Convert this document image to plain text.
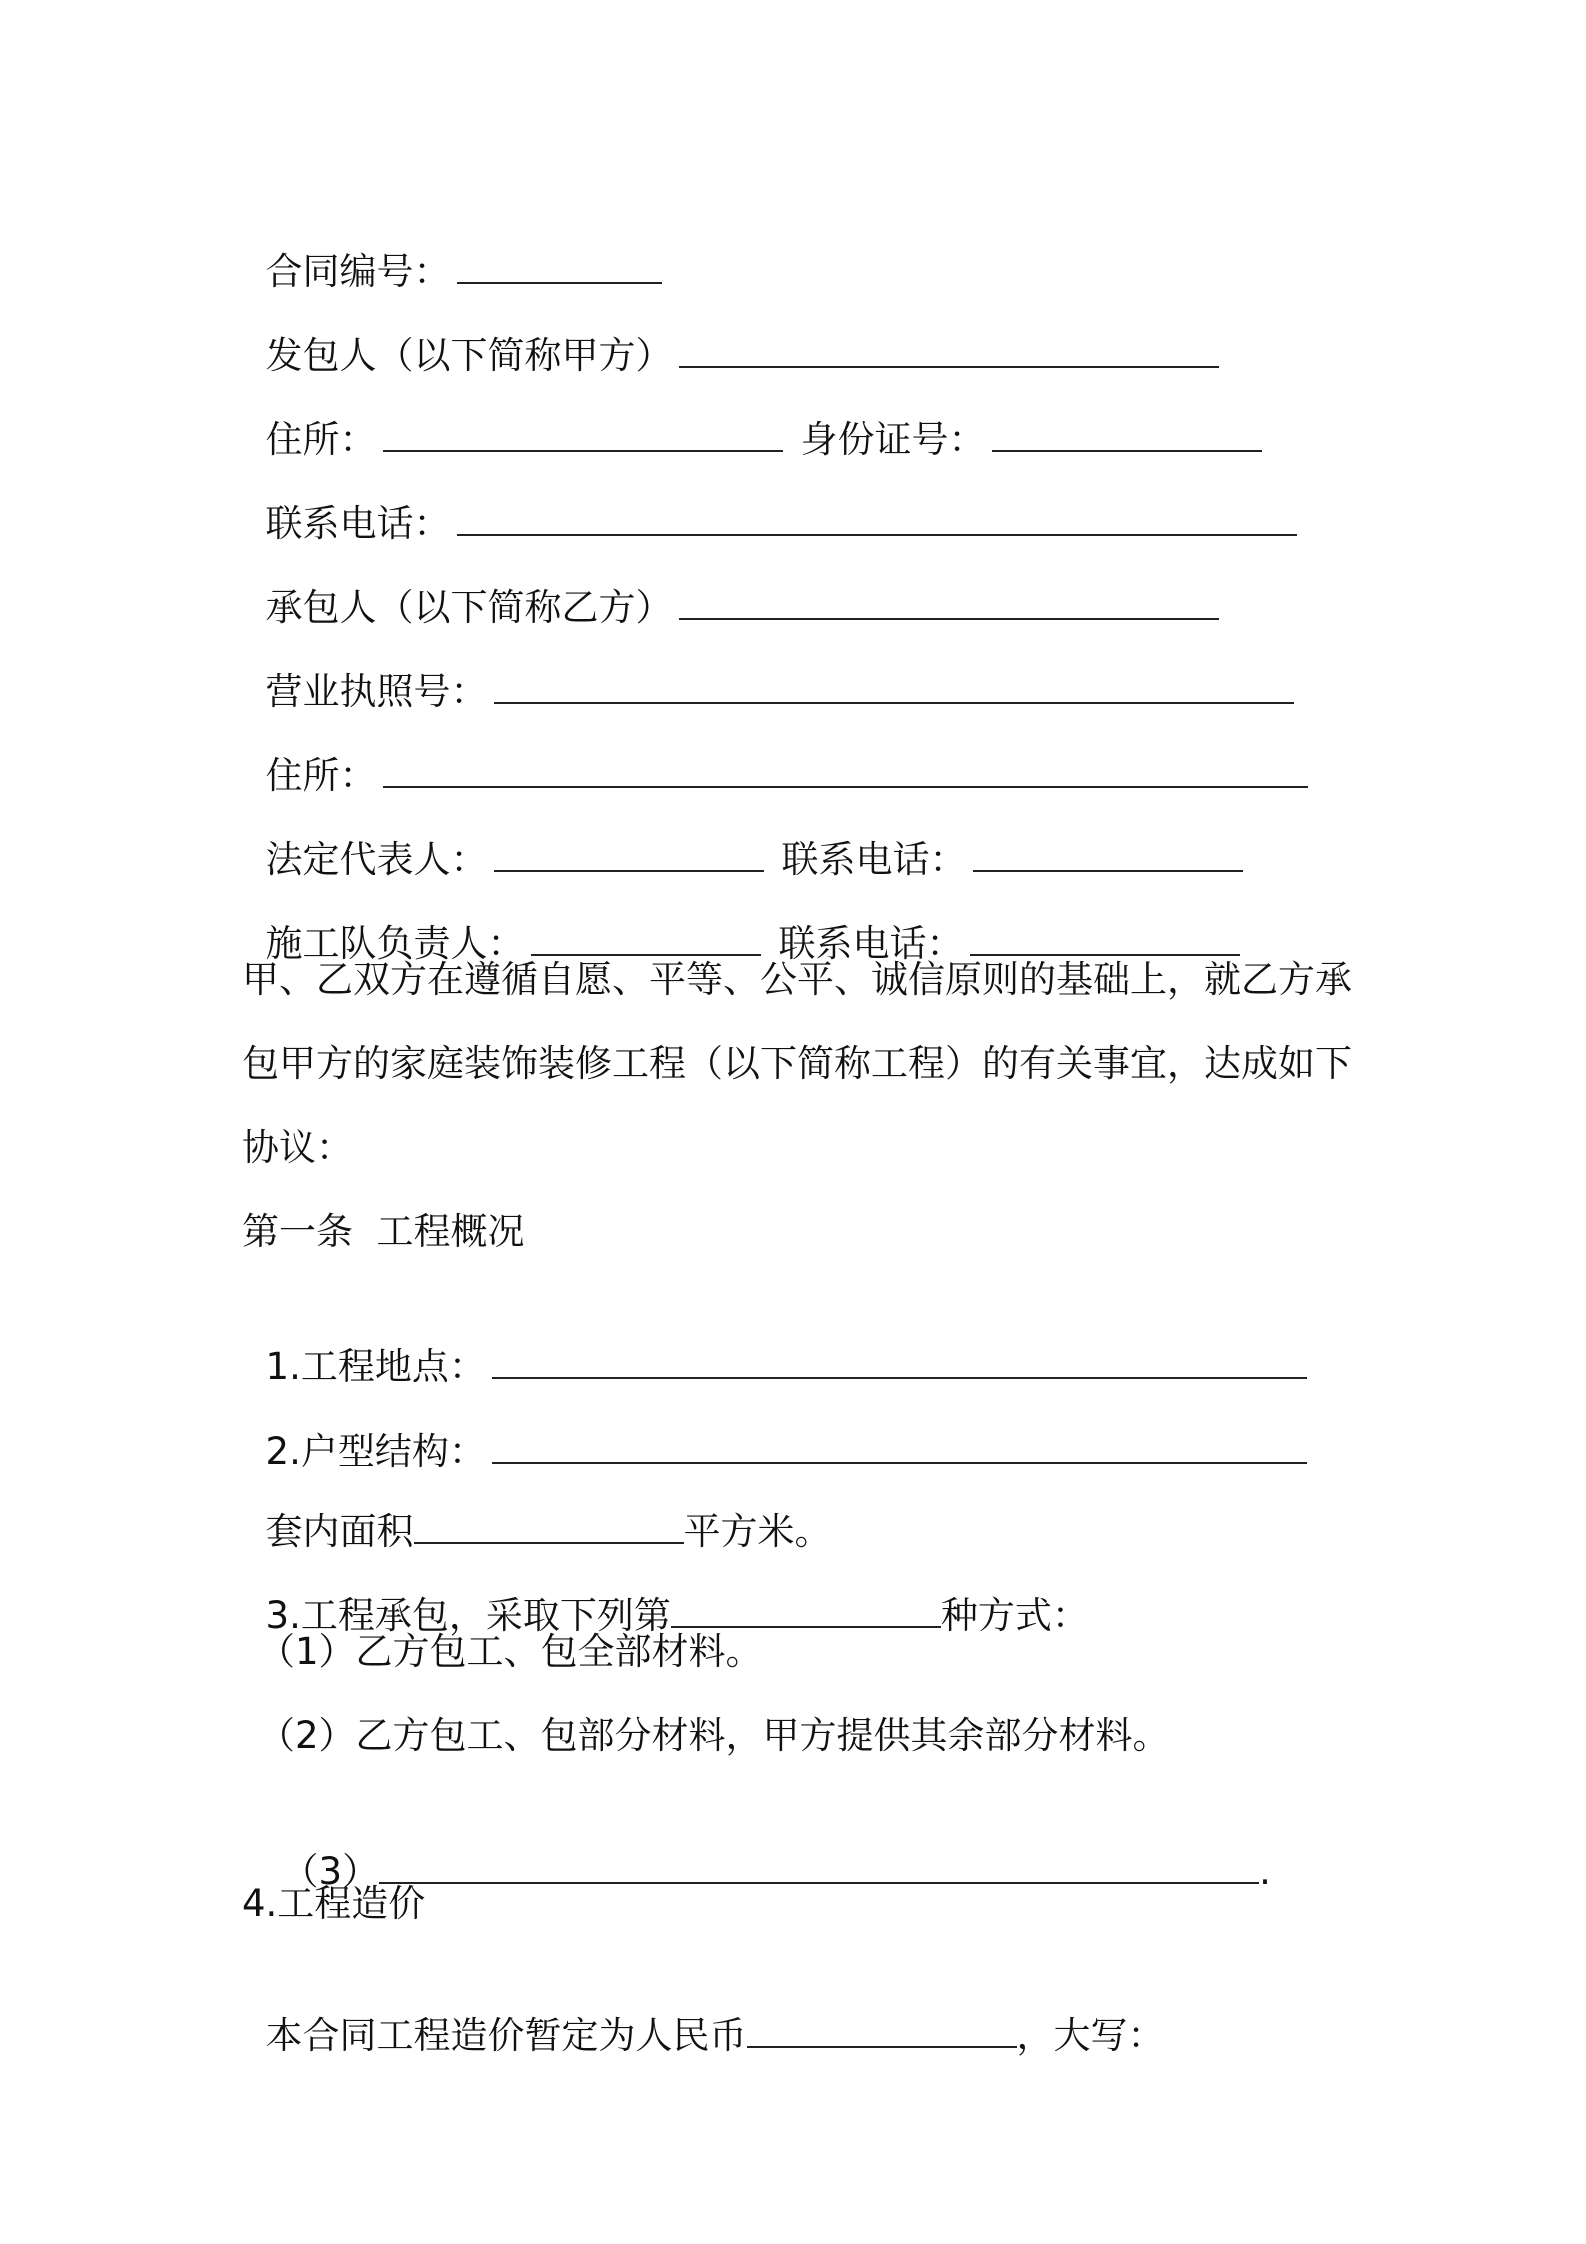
合同编号：

发包人（以下简称甲方）

住所：	身份证号：

联系电话：

承包人（以下简称乙方）

营业执照号：

住所：

法定代表人：	联系电话：

施工队负责人：	联系电话：

甲、乙双方在遵循自愿、平等、公平、诚信原则的基础上，就乙方承
包甲方的家庭装饰装修工程（以下简称工程）的有关事宜，达成如下
协议：
第一条  工程概况

1.工程地点：

2.户型结构：

套内面积	平方米。

3.工程承包，采取下列第	种方式：

（1）乙方包工、包全部材料。
（2）乙方包工、包部分材料，甲方提供其余部分材料。

（3）	.

4.工程造价

本合同工程造价暂定为人民币	，大写：
